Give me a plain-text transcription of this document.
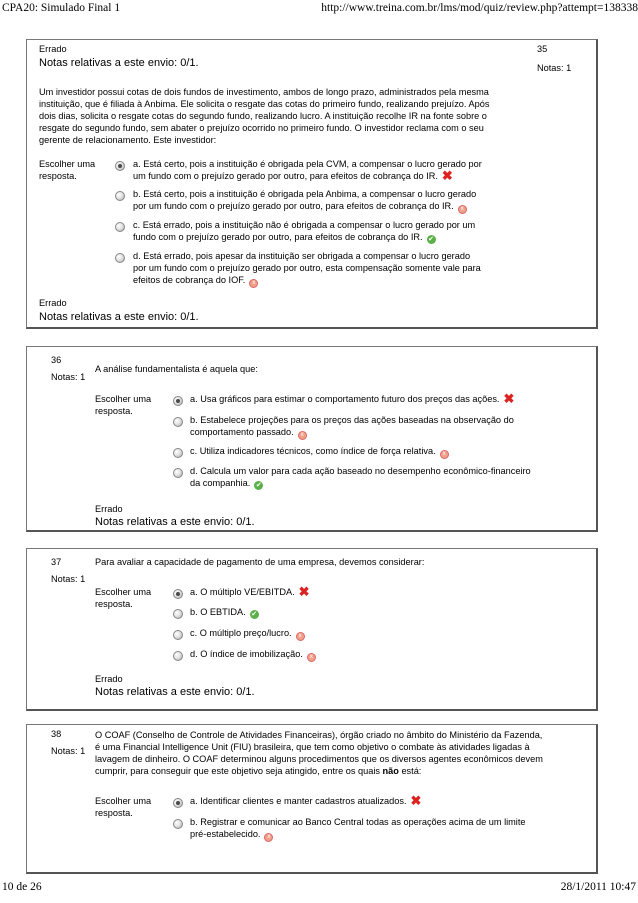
CPA20: Simulado Final 1	http://www.treina.com.br/lms/mod/quiz/review.php?attempt=138338
Errado
Notas relativas a este envio: 0/1.
35
Notas: 1
Um investidor possui cotas de dois fundos de investimento, ambos de longo prazo, administrados pela mesma
instituição, que é filiada à Anbima. Ele solicita o resgate das cotas do primeiro fundo, realizando prejuízo. Após
dois dias, solicita o resgate cotas do segundo fundo, realizando lucro. A instituição recolhe IR na fonte sobre o
resgate do segundo fundo, sem abater o prejuízo ocorrido no primeiro fundo. O investidor reclama com o seu
gerente de relacionamento. Este investidor:
Escolher uma
resposta.
a. Está certo, pois a instituição é obrigada pela CVM, a compensar o lucro gerado por
um fundo com o prejuízo gerado por outro, para efeitos de cobrança do IR. ✖
b. Está certo, pois a instituição é obrigada pela Anbima, a compensar o lucro gerado
por um fundo com o prejuízo gerado por outro, para efeitos de cobrança do IR. x
c. Está errado, pois a instituição não é obrigada a compensar o lucro gerado por um
fundo com o prejuízo gerado por outro, para efeitos de cobrança do IR. ✔
d. Está errado, pois apesar da instituição ser obrigada a compensar o lucro gerado
por um fundo com o prejuízo gerado por outro, esta compensação somente vale para
efeitos de cobrança do IOF. x
Errado
Notas relativas a este envio: 0/1.
36
Notas: 1
A análise fundamentalista é aquela que:
Escolher uma
resposta.
a. Usa gráficos para estimar o comportamento futuro dos preços das ações. ✖
b. Estabelece projeções para os preços das ações baseadas na observação do
comportamento passado. x
c. Utiliza indicadores técnicos, como índice de força relativa. x
d. Calcula um valor para cada ação baseado no desempenho econômico-financeiro
da companhia. ✔
Errado
Notas relativas a este envio: 0/1.
37
Notas: 1
Para avaliar a capacidade de pagamento de uma empresa, devemos considerar:
Escolher uma
resposta.
a. O múltiplo VE/EBITDA. ✖
b. O EBTIDA. ✔
c. O múltiplo preço/lucro. x
d. O índice de imobilização. x
Errado
Notas relativas a este envio: 0/1.
38
Notas: 1
O COAF (Conselho de Controle de Atividades Financeiras), órgão criado no âmbito do Ministério da Fazenda,
é uma Financial Intelligence Unit (FIU) brasileira, que tem como objetivo o combate às atividades ligadas à
lavagem de dinheiro. O COAF determinou alguns procedimentos que os diversos agentes econômicos devem
cumprir, para conseguir que este objetivo seja atingido, entre os quais não está:
Escolher uma
resposta.
a. Identificar clientes e manter cadastros atualizados. ✖
b. Registrar e comunicar ao Banco Central todas as operações acima de um limite
pré-estabelecido. x
10 de 26	28/1/2011 10:47
